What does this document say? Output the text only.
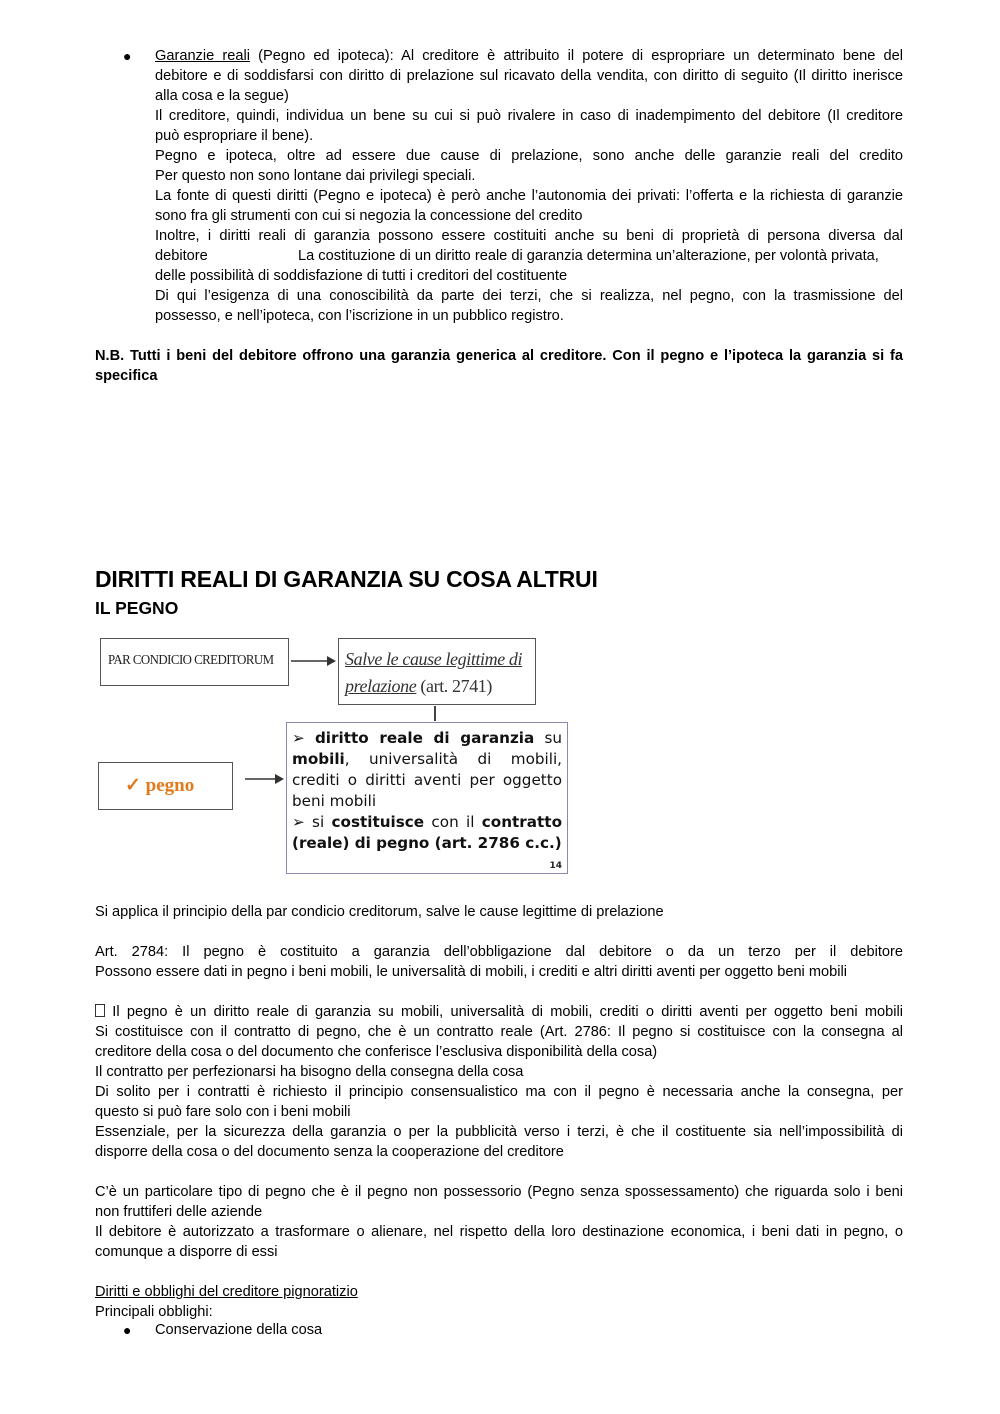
● Garanzie reali (Pegno ed ipoteca): Al creditore è attribuito il potere di espropriare un determinato bene del
debitore e di soddisfarsi con diritto di prelazione sul ricavato della vendita, con diritto di seguito (Il diritto inerisce
alla cosa e la segue)
Il creditore, quindi, individua un bene su cui si può rivalere in caso di inadempimento del debitore (Il creditore
può espropriare il bene).
Pegno e ipoteca, oltre ad essere due cause di prelazione, sono anche delle garanzie reali del credito
Per questo non sono lontane dai privilegi speciali.
La fonte di questi diritti (Pegno e ipoteca) è però anche l’autonomia dei privati: l’offerta e la richiesta di garanzie
sono fra gli strumenti con cui si negozia la concessione del credito
Inoltre, i diritti reali di garanzia possono essere costituiti anche su beni di proprietà di persona diversa dal
debitore	La costituzione di un diritto reale di garanzia determina un’alterazione, per volontà privata,
delle possibilità di soddisfazione di tutti i creditori del costituente
Di qui l’esigenza di una conoscibilità da parte dei terzi, che si realizza, nel pegno, con la trasmissione del
possesso, e nell’ipoteca, con l’iscrizione in un pubblico registro.
N.B. Tutti i beni del debitore offrono una garanzia generica al creditore. Con il pegno e l’ipoteca la garanzia si fa
specifica
DIRITTI REALI DI GARANZIA SU COSA ALTRUI
IL PEGNO
PAR CONDICIO CREDITORUM	Salve le cause legittime di
prelazione (art. 2741)
✓ pegno
➢ diritto reale di garanzia su
mobili, universalità di mobili,
crediti o diritti aventi per oggetto
beni mobili
➢ si costituisce con il contratto
(reale) di pegno (art. 2786 c.c.)
14
Si applica il principio della par condicio creditorum, salve le cause legittime di prelazione
Art. 2784: Il pegno è costituito a garanzia dell’obbligazione dal debitore o da un terzo per il debitore
Possono essere dati in pegno i beni mobili, le universalità di mobili, i crediti e altri diritti aventi per oggetto beni mobili
Il pegno è un diritto reale di garanzia su mobili, universalità di mobili, crediti o diritti aventi per oggetto beni mobili
Si costituisce con il contratto di pegno, che è un contratto reale (Art. 2786: Il pegno si costituisce con la consegna al
creditore della cosa o del documento che conferisce l’esclusiva disponibilità della cosa)
Il contratto per perfezionarsi ha bisogno della consegna della cosa
Di solito per i contratti è richiesto il principio consensualistico ma con il pegno è necessaria anche la consegna, per
questo si può fare solo con i beni mobili
Essenziale, per la sicurezza della garanzia o per la pubblicità verso i terzi, è che il costituente sia nell’impossibilità di
disporre della cosa o del documento senza la cooperazione del creditore
C’è un particolare tipo di pegno che è il pegno non possessorio (Pegno senza spossessamento) che riguarda solo i beni
non fruttiferi delle aziende
Il debitore è autorizzato a trasformare o alienare, nel rispetto della loro destinazione economica, i beni dati in pegno, o
comunque a disporre di essi
Diritti e obblighi del creditore pignoratizio
Principali obblighi:
● Conservazione della cosa
